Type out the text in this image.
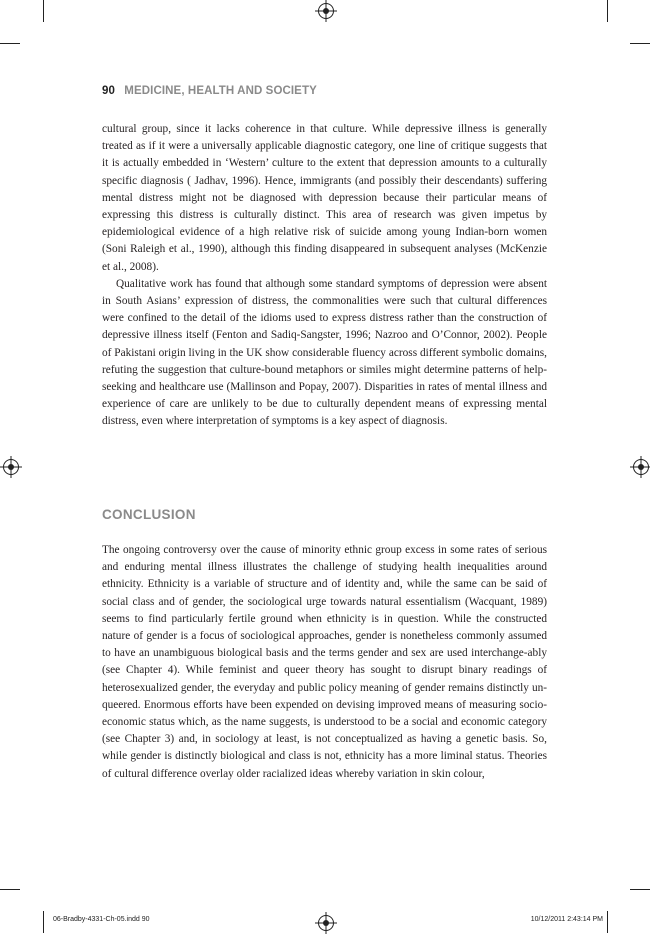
90 MEDICINE, HEALTH AND SOCIETY

cultural group, since it lacks coherence in that culture. While depressive illness is generally treated as if it were a universally applicable diagnostic category, one line of critique suggests that it is actually embedded in ‘Western’ culture to the extent that depression amounts to a culturally specific diagnosis ( Jadhav, 1996). Hence, immigrants (and possibly their descendants) suffering mental distress might not be diagnosed with depression because their particular means of expressing this distress is culturally distinct. This area of research was given impetus by epidemiological evidence of a high relative risk of suicide among young Indian-born women (Soni Raleigh et al., 1990), although this finding disappeared in subsequent analyses (McKenzie et al., 2008).

Qualitative work has found that although some standard symptoms of depression were absent in South Asians’ expression of distress, the commonalities were such that cultural differences were confined to the detail of the idioms used to express distress rather than the construction of depressive illness itself (Fenton and Sadiq-Sangster, 1996; Nazroo and O’Connor, 2002). People of Pakistani origin living in the UK show considerable fluency across different symbolic domains, refuting the suggestion that culture-bound metaphors or similes might determine patterns of help-seeking and healthcare use (Mallinson and Popay, 2007). Disparities in rates of mental illness and experience of care are unlikely to be due to culturally dependent means of expressing mental distress, even where interpretation of symptoms is a key aspect of diagnosis.

CONCLUSION

The ongoing controversy over the cause of minority ethnic group excess in some rates of serious and enduring mental illness illustrates the challenge of studying health inequalities around ethnicity. Ethnicity is a variable of structure and of identity and, while the same can be said of social class and of gender, the sociological urge towards natural essentialism (Wacquant, 1989) seems to find particularly fertile ground when ethnicity is in question. While the constructed nature of gender is a focus of sociological approaches, gender is nonetheless commonly assumed to have an unambiguous biological basis and the terms gender and sex are used interchange-ably (see Chapter 4). While feminist and queer theory has sought to disrupt binary readings of heterosexualized gender, the everyday and public policy meaning of gender remains distinctly un-queered. Enormous efforts have been expended on devising improved means of measuring socio-economic status which, as the name suggests, is understood to be a social and economic category (see Chapter 3) and, in sociology at least, is not conceptualized as having a genetic basis. So, while gender is distinctly biological and class is not, ethnicity has a more liminal status. Theories of cultural difference overlay older racialized ideas whereby variation in skin colour,

06-Bradby-4331-Ch-05.indd 90	10/12/2011 2:43:14 PM
